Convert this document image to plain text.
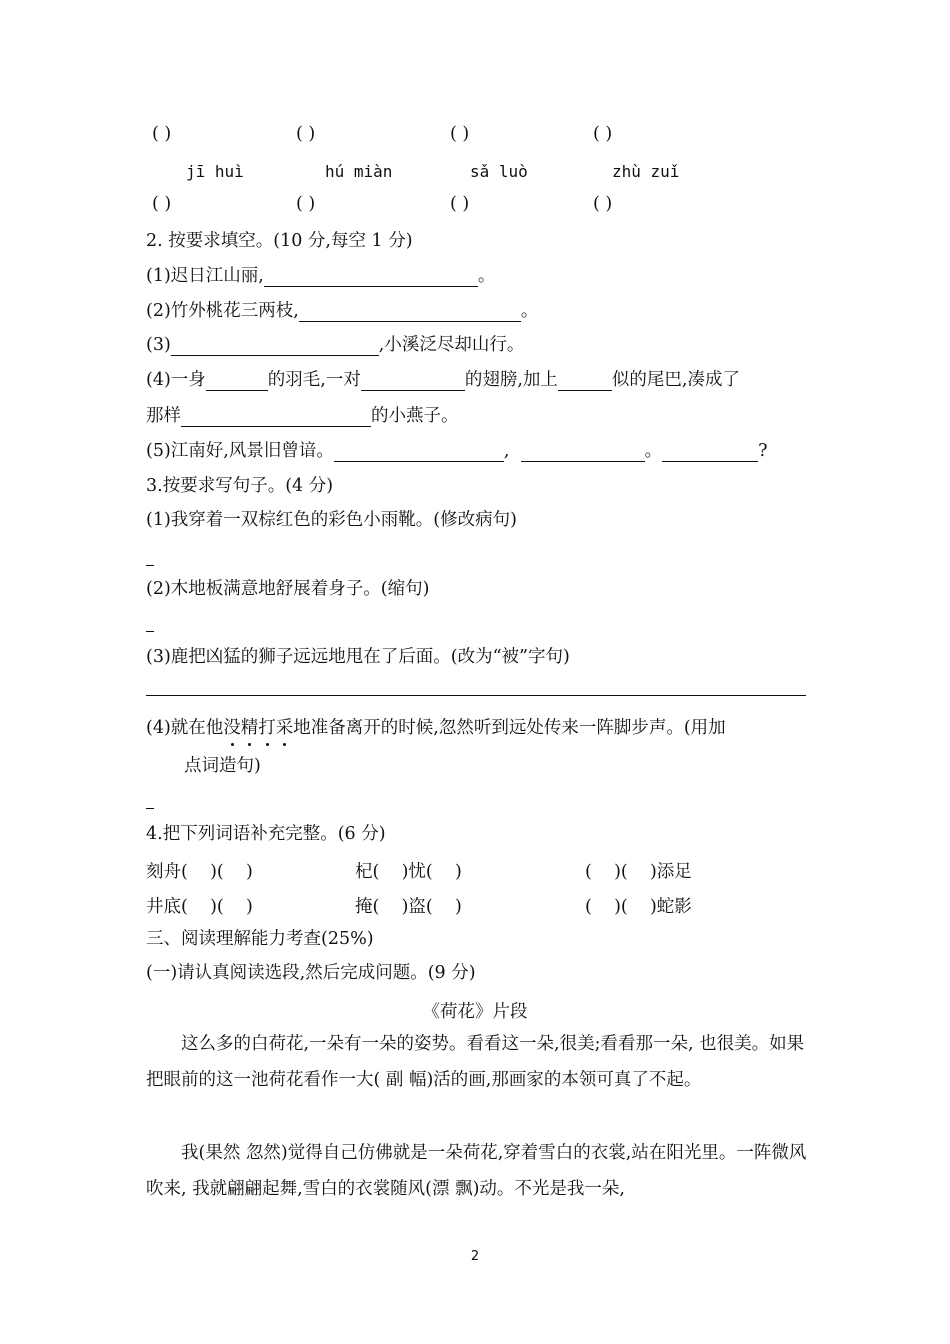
( )	( )	( )	( )
jī huì	hú miàn	sǎ luò	zhù zuǐ
( )	( )	( )	( )
2. 按要求填空。(10 分,每空 1 分)
(1)迟日江山丽,	。
(2)竹外桃花三两枝,	。
(3)	,小溪泛尽却山行。
(4)一身	的羽毛,一对	的翅膀,加上	似的尾巴,凑成了
那样	的小燕子。
(5)江南好,风景旧曾谙。	,	。	?
3.按要求写句子。(4 分)
(1)我穿着一双棕红色的彩色小雨靴。(修改病句)
(2)木地板满意地舒展着身子。(缩句)
(3)鹿把凶猛的狮子远远地甩在了后面。(改为“被”字句)
(4)就在他没精打采地准备离开的时候,忽然听到远处传来一阵脚步声。(用加
点词造句)
4.把下列词语补充完整。(6 分)
刻舟(    )(    )	杞(    )忧(    )	(    )(    )添足
井底(    )(    )	掩(    )盗(    )	(    )(    )蛇影
三、阅读理解能力考查(25%)
(一)请认真阅读选段,然后完成问题。(9 分)
《荷花》片段
这么多的白荷花,一朵有一朵的姿势。看看这一朵,很美;看看那一朵, 也很美。如果把眼前的这一池荷花看作一大( 副 幅)活的画,那画家的本领可真了不起。
我(果然 忽然)觉得自己仿佛就是一朵荷花,穿着雪白的衣裳,站在阳光里。一阵微风吹来, 我就翩翩起舞,雪白的衣裳随风(漂 飘)动。不光是我一朵,
2
